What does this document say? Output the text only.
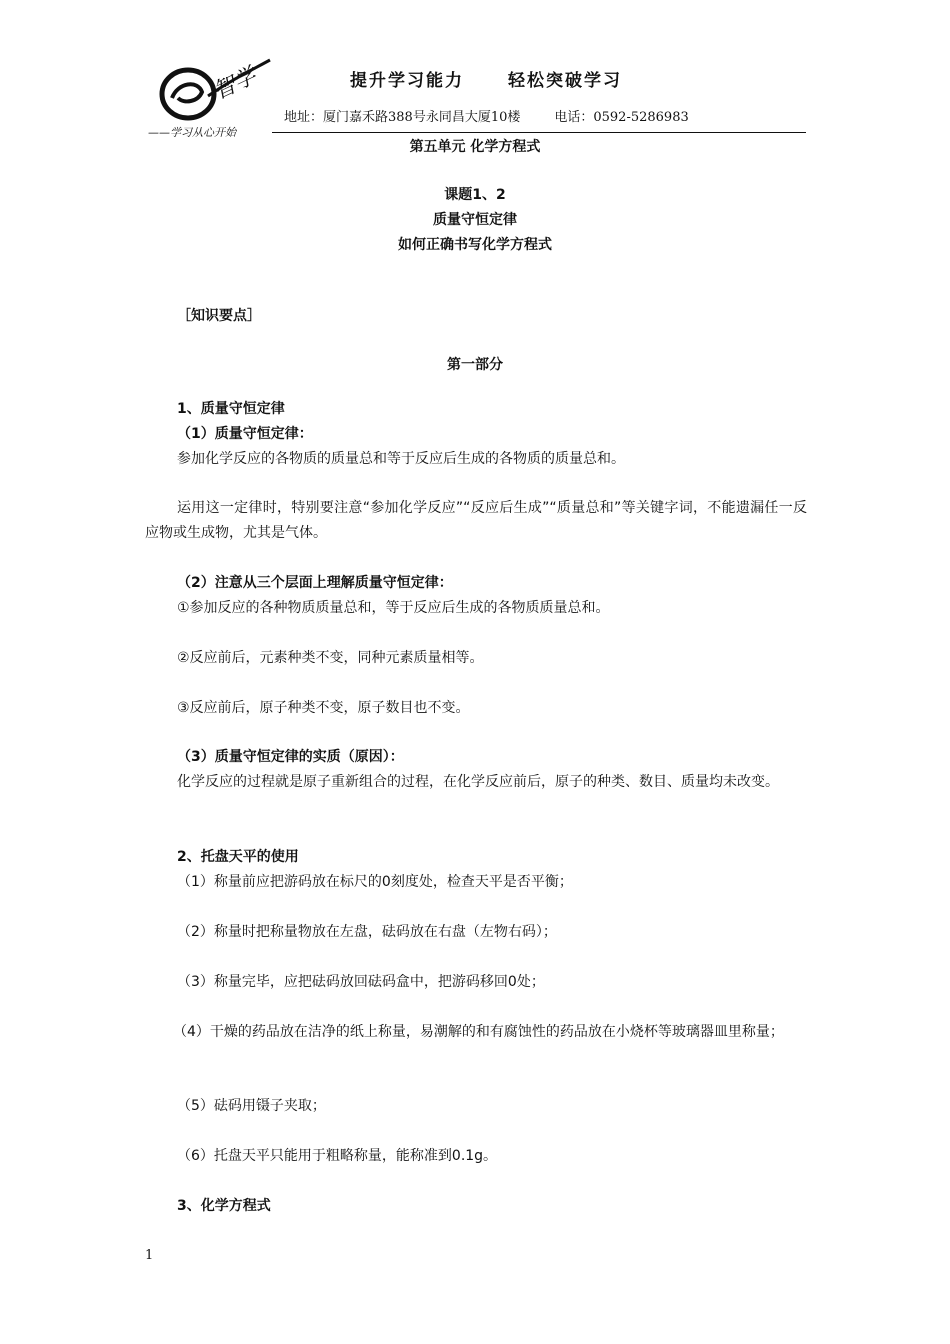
智学
——学习从心开始
提升学习能力	轻松突破学习
地址：厦门嘉禾路388号永同昌大厦10楼	电话：0592-5286983
第五单元 化学方程式
课题1、2
质量守恒定律
如何正确书写化学方程式
［知识要点］
第一部分
1、质量守恒定律
（1）质量守恒定律：
参加化学反应的各物质的质量总和等于反应后生成的各物质的质量总和。
运用这一定律时，特别要注意“参加化学反应”“反应后生成”“质量总和”等关键字词，不能遗漏任一反应物或生成物，尤其是气体。
（2）注意从三个层面上理解质量守恒定律：
①参加反应的各种物质质量总和，等于反应后生成的各物质质量总和。
②反应前后，元素种类不变，同种元素质量相等。
③反应前后，原子种类不变，原子数目也不变。
（3）质量守恒定律的实质（原因）：
化学反应的过程就是原子重新组合的过程，在化学反应前后，原子的种类、数目、质量均未改变。
2、托盘天平的使用
（1）称量前应把游码放在标尺的0刻度处，检查天平是否平衡；
（2）称量时把称量物放在左盘，砝码放在右盘（左物右码）；
（3）称量完毕，应把砝码放回砝码盒中，把游码移回0处；
（4）干燥的药品放在洁净的纸上称量，易潮解的和有腐蚀性的药品放在小烧杯等玻璃器皿里称量；
（5）砝码用镊子夹取；
（6）托盘天平只能用于粗略称量，能称准到0.1g。
3、化学方程式
1
